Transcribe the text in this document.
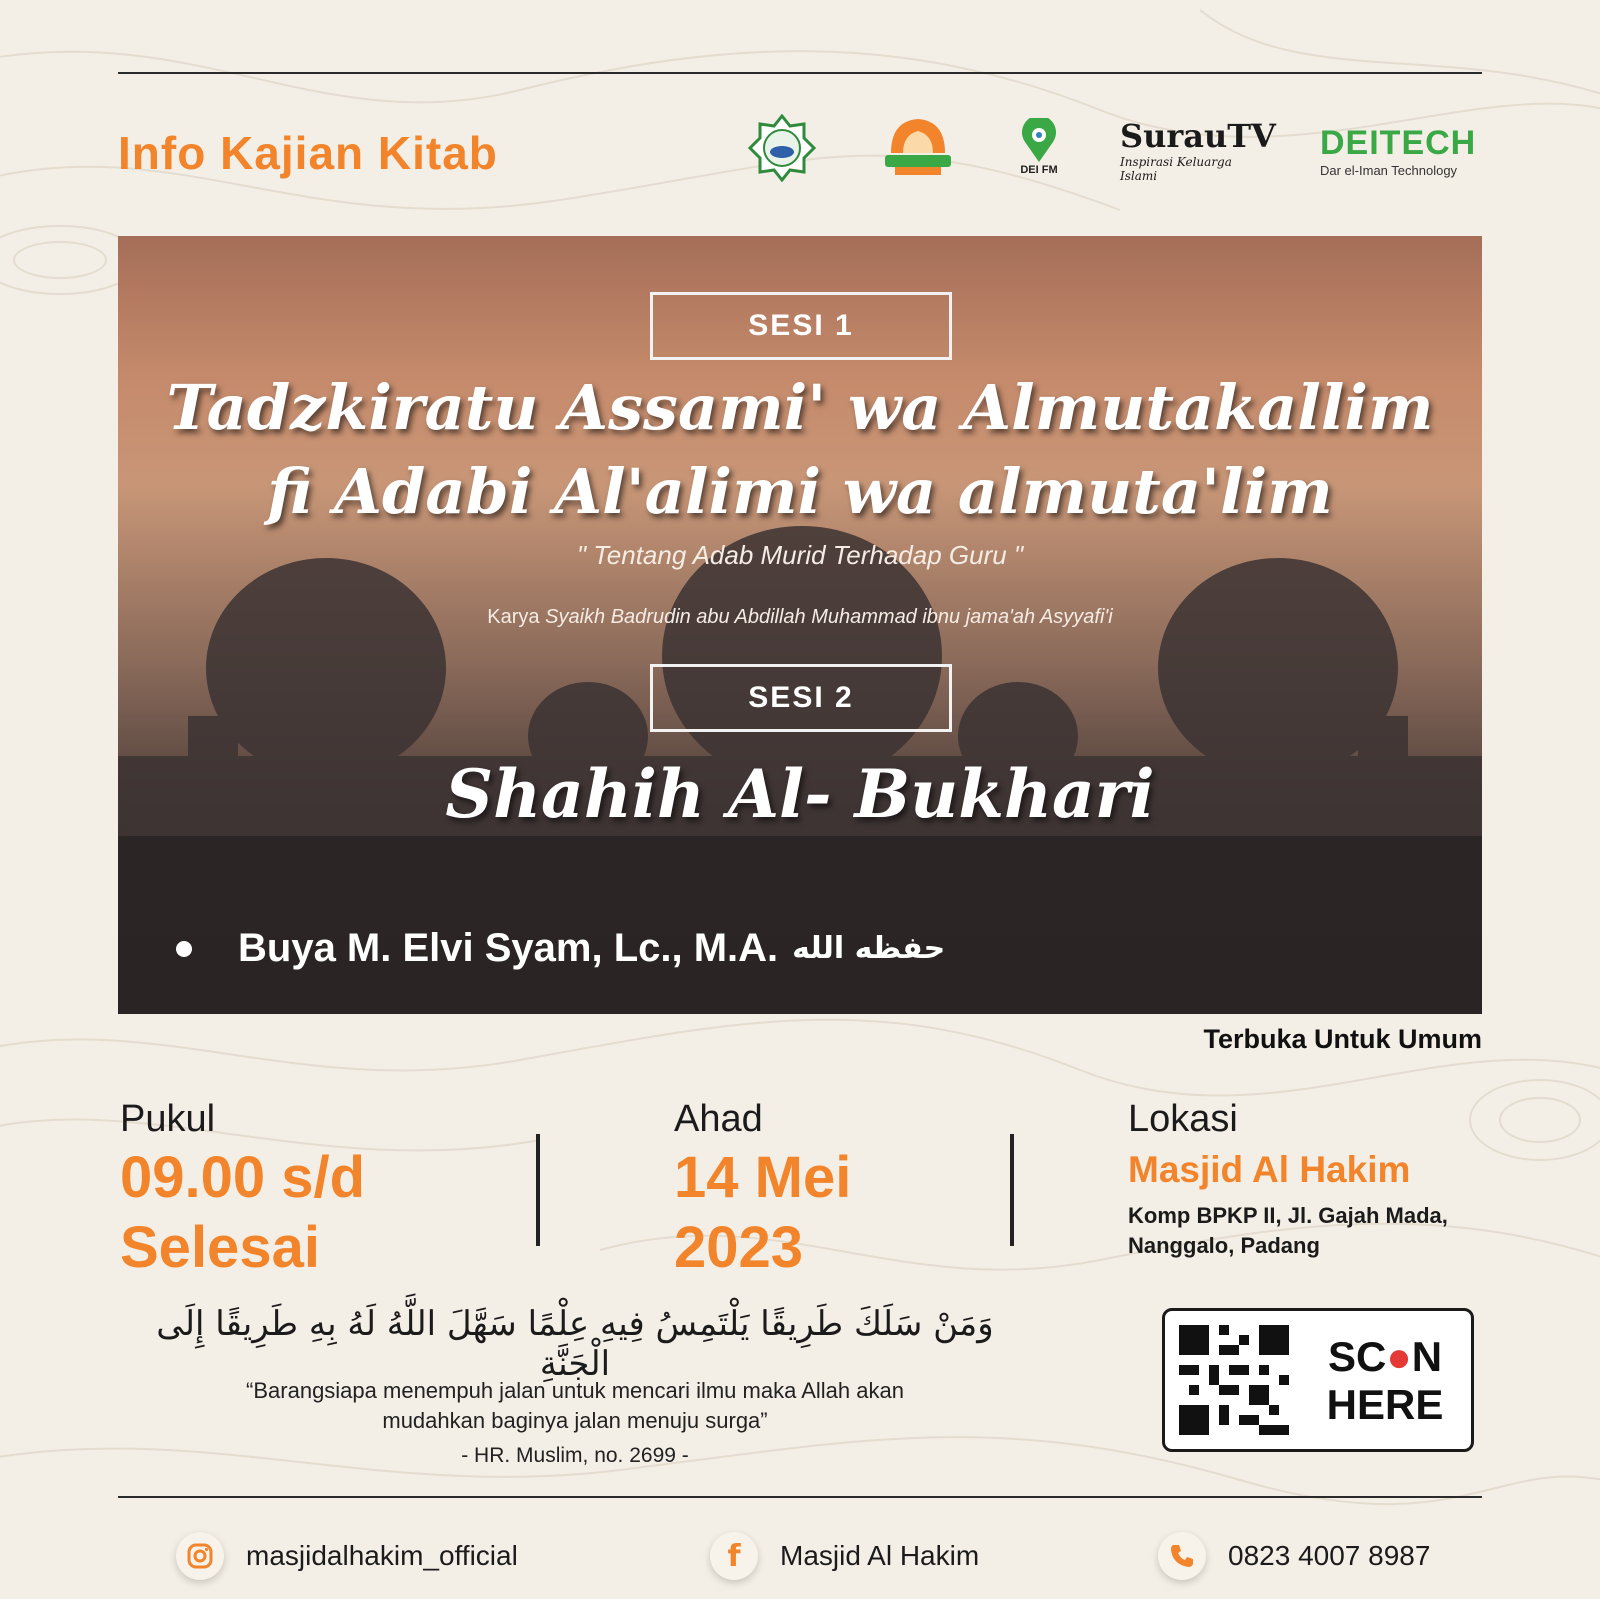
Info Kajian Kitab	DEI FM
SurauTV
Inspirasi Keluarga Islami
DEITECH
Dar el-Iman Technology
SESI 1
Tadzkiratu Assami' wa Almutakallim
fi Adabi Al'alimi wa almuta'lim
" Tentang Adab Murid Terhadap Guru "
Karya Syaikh Badrudin abu Abdillah Muhammad ibnu jama'ah Asyyafi'i
SESI 2
Shahih Al- Bukhari
Buya M. Elvi Syam, Lc., M.A. حفظه الله
Terbuka Untuk Umum
Pukul
09.00 s/d
Selesai
Ahad
14 Mei
2023
Lokasi
Masjid Al Hakim
Komp BPKP II, Jl. Gajah Mada,
Nanggalo, Padang
وَمَنْ سَلَكَ طَرِيقًا يَلْتَمِسُ فِيهِ عِلْمًا سَهَّلَ اللَّهُ لَهُ بِهِ طَرِيقًا إِلَى الْجَنَّةِ
“Barangsiapa menempuh jalan untuk mencari ilmu maka Allah akan
mudahkan baginya jalan menuju surga”
- HR. Muslim, no. 2699 -
SC●N
HERE
masjidalhakim_official	f Masjid Al Hakim	0823 4007 8987
